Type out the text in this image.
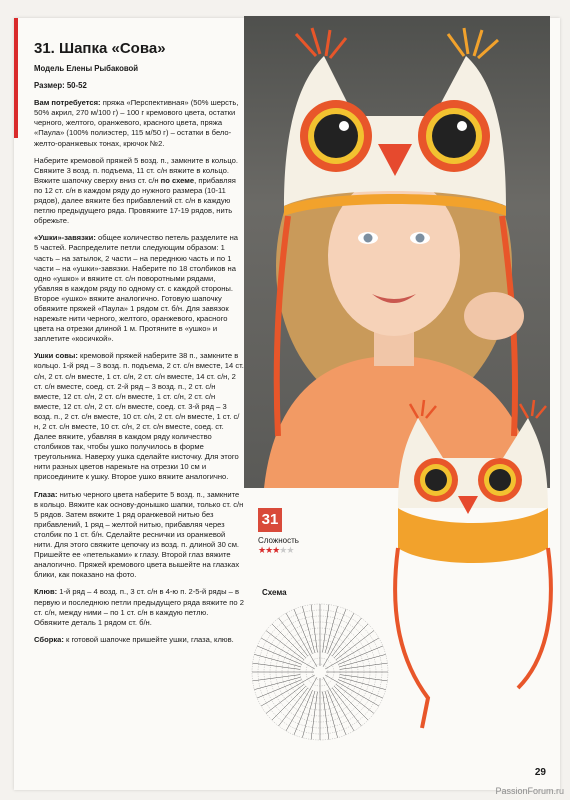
31. Шапка «Сова»

Модель Елены Рыбаковой

Размер: 50-52

Вам потребуется: пряжа «Перспективная» (50% шерсть, 50% акрил, 270 м/100 г) – 100 г кремового цвета, остатки черного, желтого, оранжевого, красного цвета, пряжа «Паула» (100% полиэстер, 115 м/50 г) – остатки в бело-желто-оранжевых тонах, крючок №2.

Наберите кремовой пряжей 5 возд. п., замкните в кольцо. Свяжите 3 возд. п. подъема, 11 ст. с/н вяжите в кольцо. Вяжите шапочку сверху вниз ст. с/н по схеме, прибавляя по 12 ст. с/н в каждом ряду до нужного размера (10-11 рядов), далее вяжите без прибавлений ст. с/н в каждую петлю предыдущего ряда. Провяжите 17-19 рядов, нить обрежьте.

«Ушки»-завязки: общее количество петель разделите на 5 частей. Распределите петли следующим образом: 1 часть – на затылок, 2 части – на переднюю часть и по 1 части – на «ушки»-завязки. Наберите по 18 столбиков на одно «ушко» и вяжите ст. с/н поворотными рядами, убавляя в каждом ряду по одному ст. с каждой стороны. Второе «ушко» вяжите аналогично. Готовую шапочку обвяжите пряжей «Паула» 1 рядом ст. б/н. Для завязок нарежьте нити черного, желтого, оранжевого, красного цвета на отрезки длиной 1 м. Протяните в «ушко» и заплетите «косичкой».

Ушки совы: кремовой пряжей наберите 38 п., замкните в кольцо. 1-й ряд – 3 возд. п. подъема, 2 ст. с/н вместе, 14 ст. с/н, 2 ст. с/н вместе, 1 ст. с/н, 2 ст. с/н вместе, 14 ст. с/н, 2 ст. с/н вместе, соед. ст. 2-й ряд – 3 возд. п., 2 ст. с/н вместе, 12 ст. с/н, 2 ст. с/н вместе, 1 ст. с/н, 2 ст. с/н вместе, 12 ст. с/н, 2 ст. с/н вместе, соед. ст. 3-й ряд – 3 возд. п., 2 ст. с/н вместе, 10 ст. с/н, 2 ст. с/н вместе, 1 ст. с/н, 2 ст. с/н вместе, 10 ст. с/н, 2 ст. с/н вместе, соед. ст. Далее вяжите, убавляя в каждом ряду количество столбиков так, чтобы ушко получилось в форме треугольника. Наверху ушка сделайте кисточку. Для этого нити разных цветов нарежьте на отрезки 10 см и присоедините к ушку. Второе ушко вяжите аналогично.

Глаза: нитью черного цвета наберите 5 возд. п., замкните в кольцо. Вяжите как основу-донышко шапки, только ст. с/н 5 рядов. Затем вяжите 1 ряд оранжевой нитью без прибавлений, 1 ряд – желтой нитью, прибавляя через столбик по 1 ст. б/н. Сделайте реснички из оранжевой нити. Для этого свяжите цепочку из возд. п. длиной 30 см. Пришейте ее «петельками» к глазу. Второй глаз вяжите аналогично. Пряжей кремового цвета вышейте на глазках блики, как показано на фото.

Клюв: 1-й ряд – 4 возд. п., 3 ст. с/н в 4-ю п. 2-5-й ряды – в первую и последнюю петли предыдущего ряда вяжите по 2 ст. с/н, между ними – по 1 ст. с/н в каждую петлю. Обвяжите деталь 1 рядом ст. б/н.

Сборка: к готовой шапочке пришейте ушки, глаза, клюв.

31
Сложность
★★★★★
Схема
29
PassionForum.ru
